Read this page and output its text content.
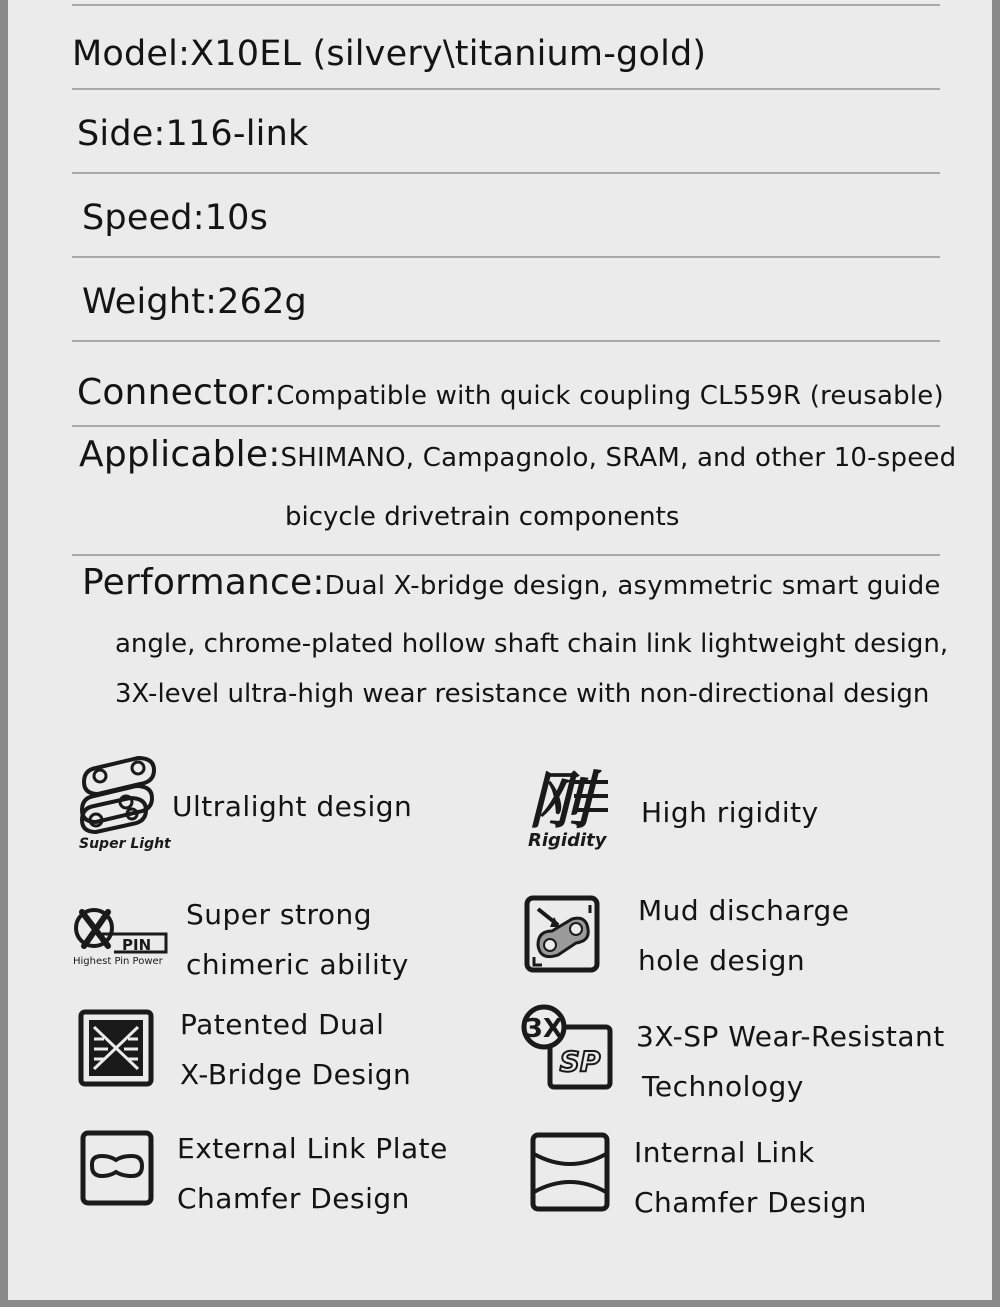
Model:X10EL (silvery\titanium-gold)
Side:116-link
Speed:10s
Weight:262g
Connector:Compatible with quick coupling CL559R (reusable)
Applicable:SHIMANO, Campagnolo, SRAM, and other 10-speed
bicycle drivetrain components
Performance:Dual X-bridge design, asymmetric smart guide
angle, chrome-plated hollow shaft chain link lightweight design,
3X-level ultra-high wear resistance with non-directional design
Super Light
Ultralight design 刚
Rigidity
High rigidity
PIN
Highest Pin Power
Super strong
chimeric ability
Mud discharge
hole design
Patented Dual
X-Bridge Design
3X
SP
3X-SP Wear-Resistant
Technology
External Link Plate
Chamfer Design
Internal Link
Chamfer Design
